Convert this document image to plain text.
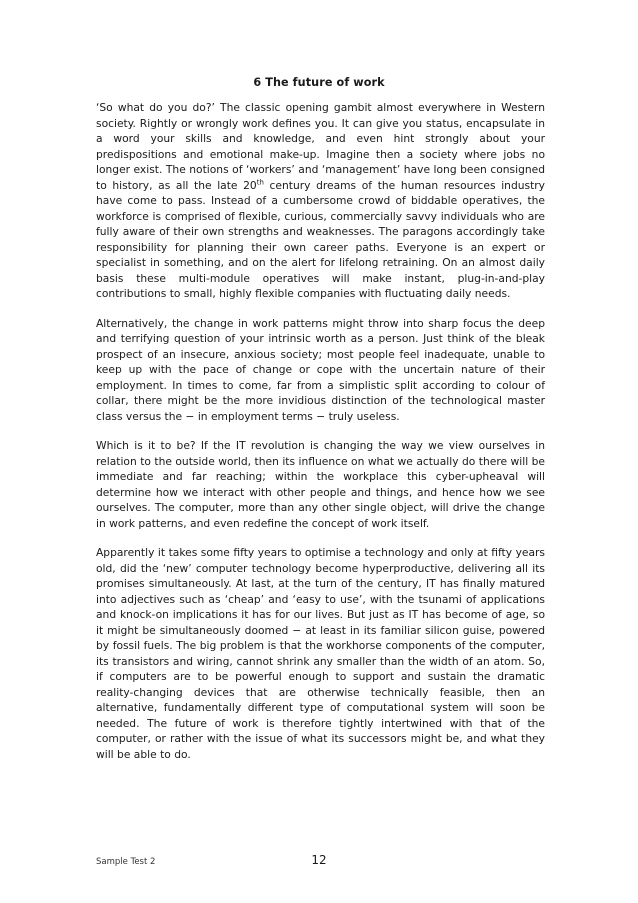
6 The future of work

‘So what do you do?’ The classic opening gambit almost everywhere in Western society. Rightly or wrongly work defines you. It can give you status, encapsulate in a word your skills and knowledge, and even hint strongly about your predispositions and emotional make-up. Imagine then a society where jobs no longer exist. The notions of ‘workers’ and ‘management’ have long been consigned to history, as all the late 20th century dreams of the human resources industry have come to pass. Instead of a cumbersome crowd of biddable operatives, the workforce is comprised of flexible, curious, commercially savvy individuals who are fully aware of their own strengths and weaknesses. The paragons accordingly take responsibility for planning their own career paths. Everyone is an expert or specialist in something, and on the alert for lifelong retraining. On an almost daily basis these multi-module operatives will make instant, plug-in-and-play contributions to small, highly flexible companies with fluctuating daily needs.

Alternatively, the change in work patterns might throw into sharp focus the deep and terrifying question of your intrinsic worth as a person. Just think of the bleak prospect of an insecure, anxious society; most people feel inadequate, unable to keep up with the pace of change or cope with the uncertain nature of their employment. In times to come, far from a simplistic split according to colour of collar, there might be the more invidious distinction of the technological master class versus the − in employment terms − truly useless.

Which is it to be? If the IT revolution is changing the way we view ourselves in relation to the outside world, then its influence on what we actually do there will be immediate and far reaching; within the workplace this cyber-upheaval will determine how we interact with other people and things, and hence how we see ourselves. The computer, more than any other single object, will drive the change in work patterns, and even redefine the concept of work itself.

Apparently it takes some fifty years to optimise a technology and only at fifty years old, did the ‘new’ computer technology become hyperproductive, delivering all its promises simultaneously. At last, at the turn of the century, IT has finally matured into adjectives such as ‘cheap’ and ‘easy to use’, with the tsunami of applications and knock-on implications it has for our lives. But just as IT has become of age, so it might be simultaneously doomed − at least in its familiar silicon guise, powered by fossil fuels. The big problem is that the workhorse components of the computer, its transistors and wiring, cannot shrink any smaller than the width of an atom. So, if computers are to be powerful enough to support and sustain the dramatic reality-changing devices that are otherwise technically feasible, then an alternative, fundamentally different type of computational system will soon be needed. The future of work is therefore tightly intertwined with that of the computer, or rather with the issue of what its successors might be, and what they will be able to do.

Sample Test 2	12
